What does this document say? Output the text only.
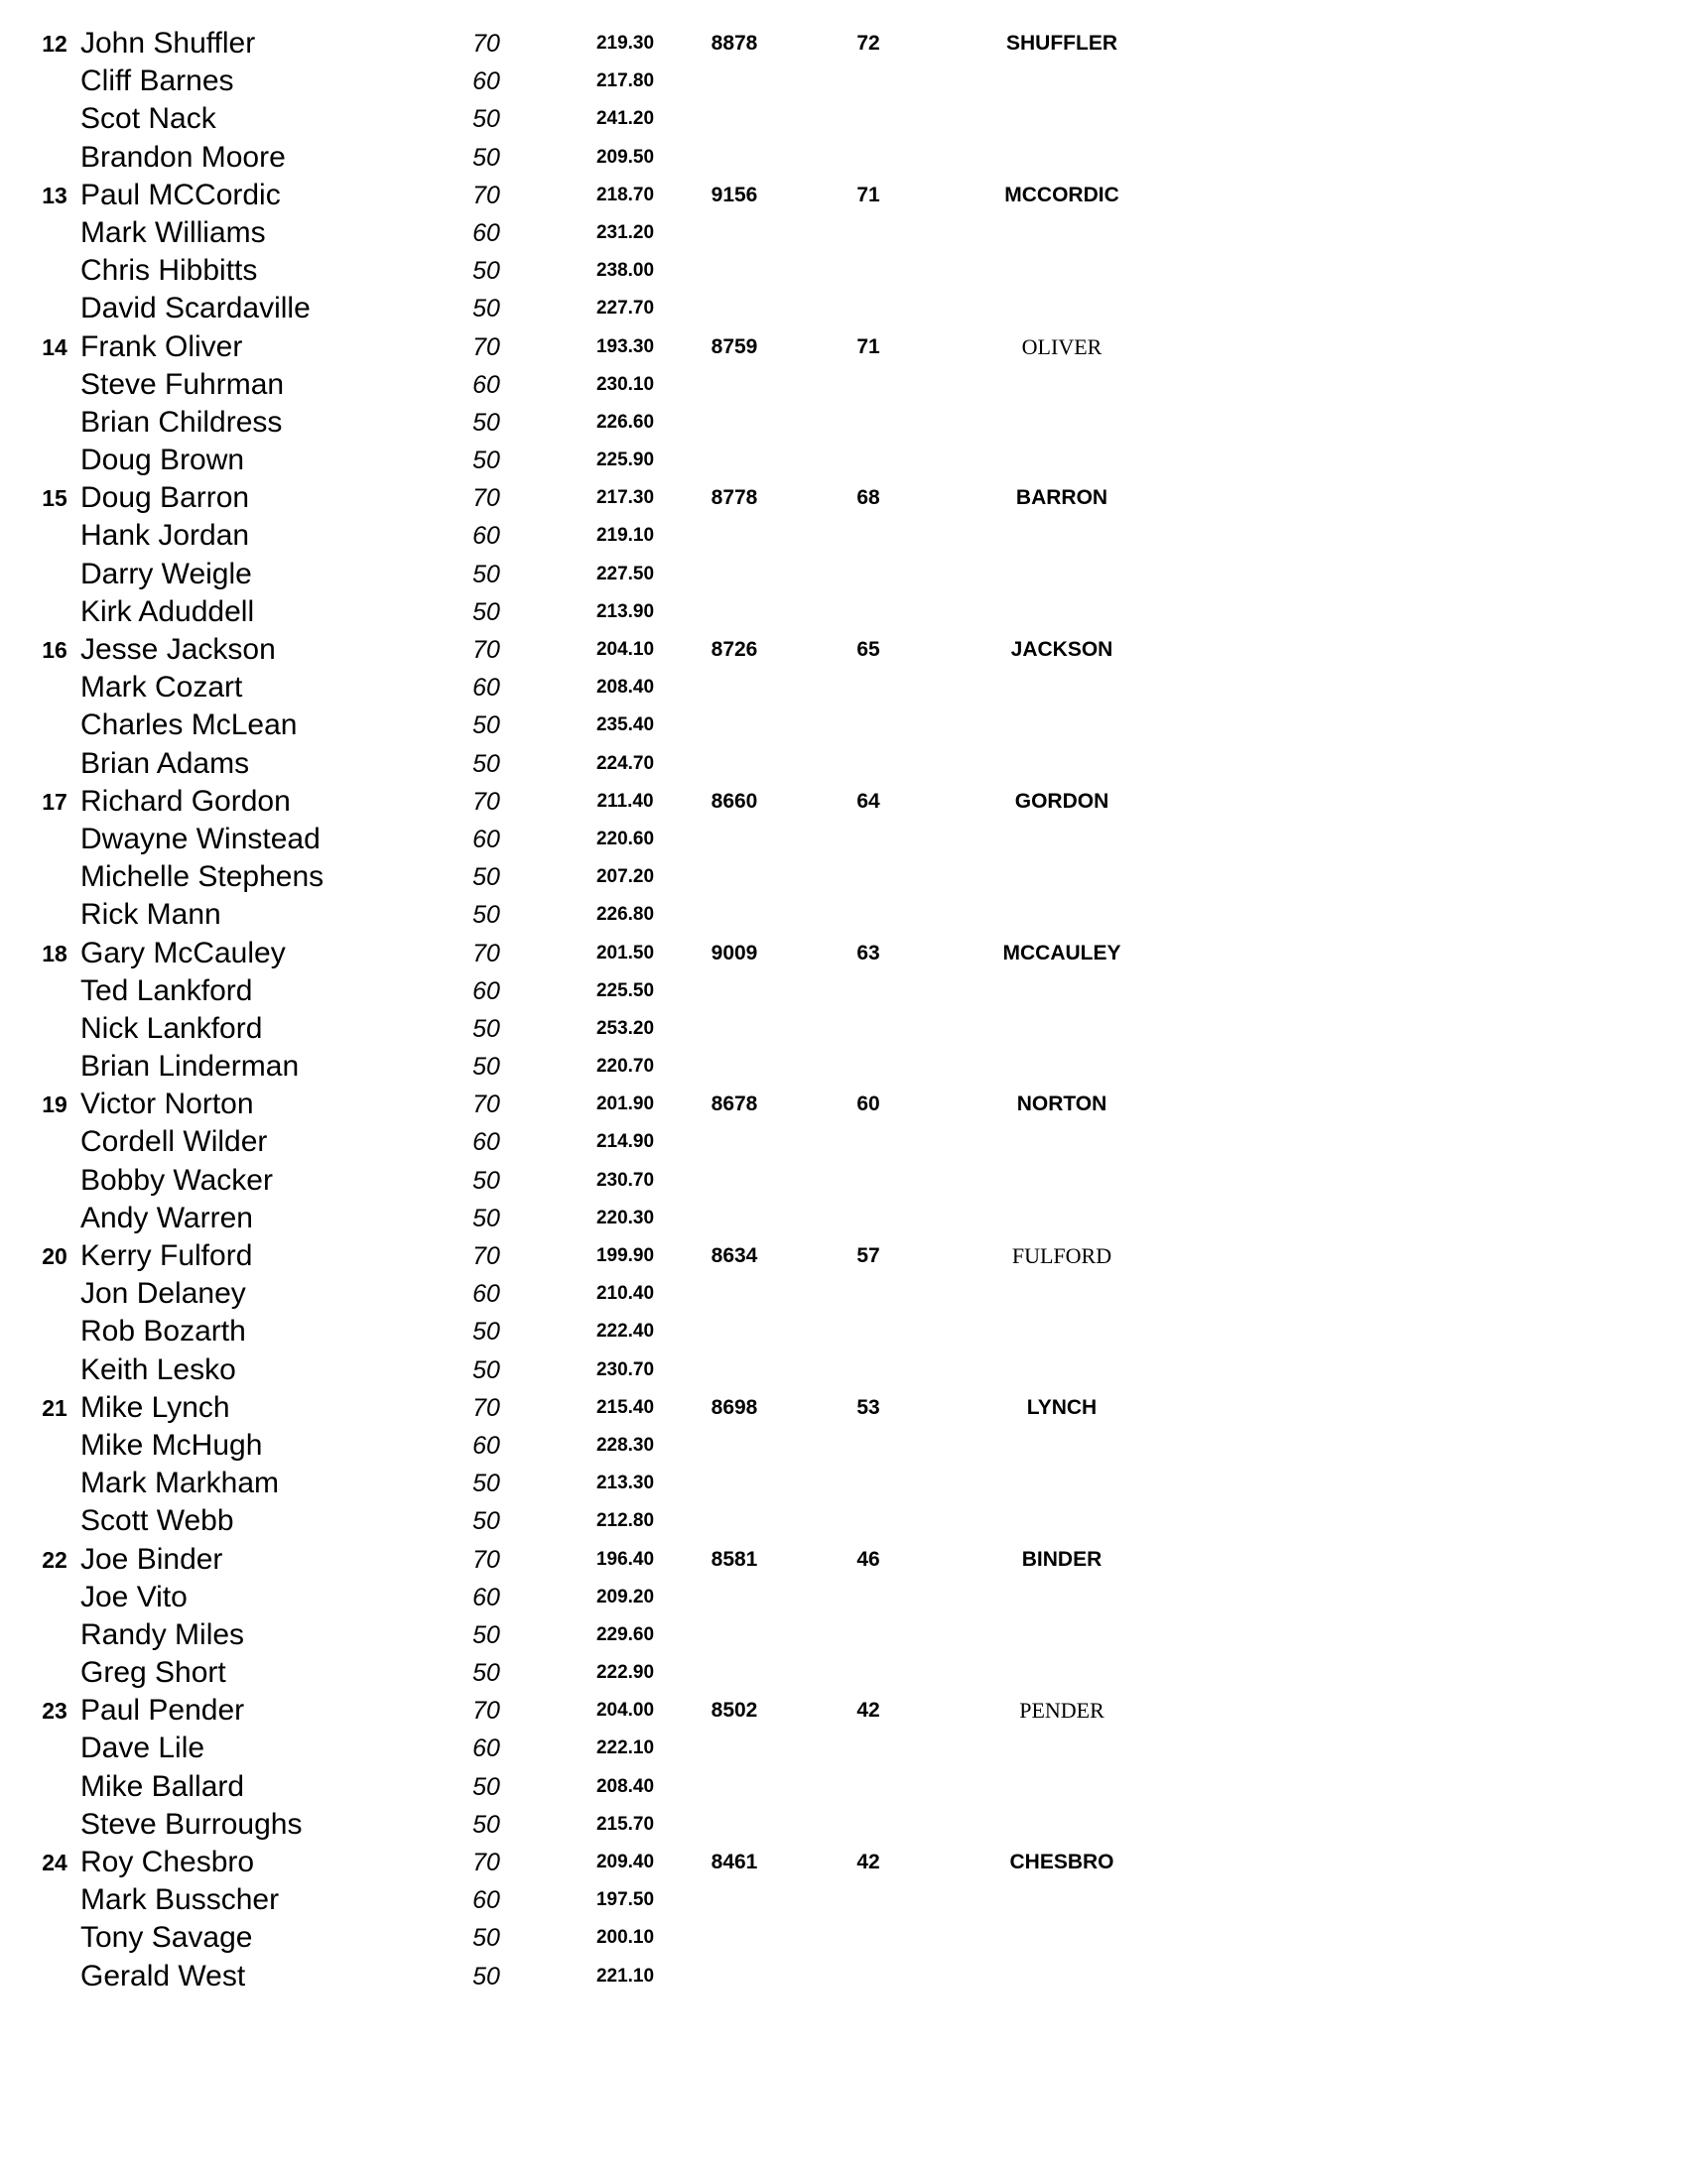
12 John Shuffler	70	219.30	8878	72	SHUFFLER
Cliff Barnes	60	217.80
Scot Nack	50	241.20
Brandon Moore	50	209.50
13 Paul MCCordic	70	218.70	9156	71	MCCORDIC
Mark Williams	60	231.20
Chris Hibbitts	50	238.00
David Scardaville	50	227.70
14 Frank Oliver	70	193.30	8759	71	OLIVER
Steve Fuhrman	60	230.10
Brian Childress	50	226.60
Doug Brown	50	225.90
15 Doug Barron	70	217.30	8778	68	BARRON
Hank Jordan	60	219.10
Darry Weigle	50	227.50
Kirk Aduddell	50	213.90
16 Jesse Jackson	70	204.10	8726	65	JACKSON
Mark Cozart	60	208.40
Charles McLean	50	235.40
Brian Adams	50	224.70
17 Richard Gordon	70	211.40	8660	64	GORDON
Dwayne Winstead	60	220.60
Michelle Stephens	50	207.20
Rick Mann	50	226.80
18 Gary McCauley	70	201.50	9009	63	MCCAULEY
Ted Lankford	60	225.50
Nick Lankford	50	253.20
Brian Linderman	50	220.70
19 Victor Norton	70	201.90	8678	60	NORTON
Cordell Wilder	60	214.90
Bobby Wacker	50	230.70
Andy Warren	50	220.30
20 Kerry Fulford	70	199.90	8634	57	FULFORD
Jon Delaney	60	210.40
Rob Bozarth	50	222.40
Keith Lesko	50	230.70
21 Mike Lynch	70	215.40	8698	53	LYNCH
Mike McHugh	60	228.30
Mark Markham	50	213.30
Scott Webb	50	212.80
22 Joe Binder	70	196.40	8581	46	BINDER
Joe Vito	60	209.20
Randy Miles	50	229.60
Greg Short	50	222.90
23 Paul Pender	70	204.00	8502	42	PENDER
Dave Lile	60	222.10
Mike Ballard	50	208.40
Steve Burroughs	50	215.70
24 Roy Chesbro	70	209.40	8461	42	CHESBRO
Mark Busscher	60	197.50
Tony Savage	50	200.10
Gerald West	50	221.10
